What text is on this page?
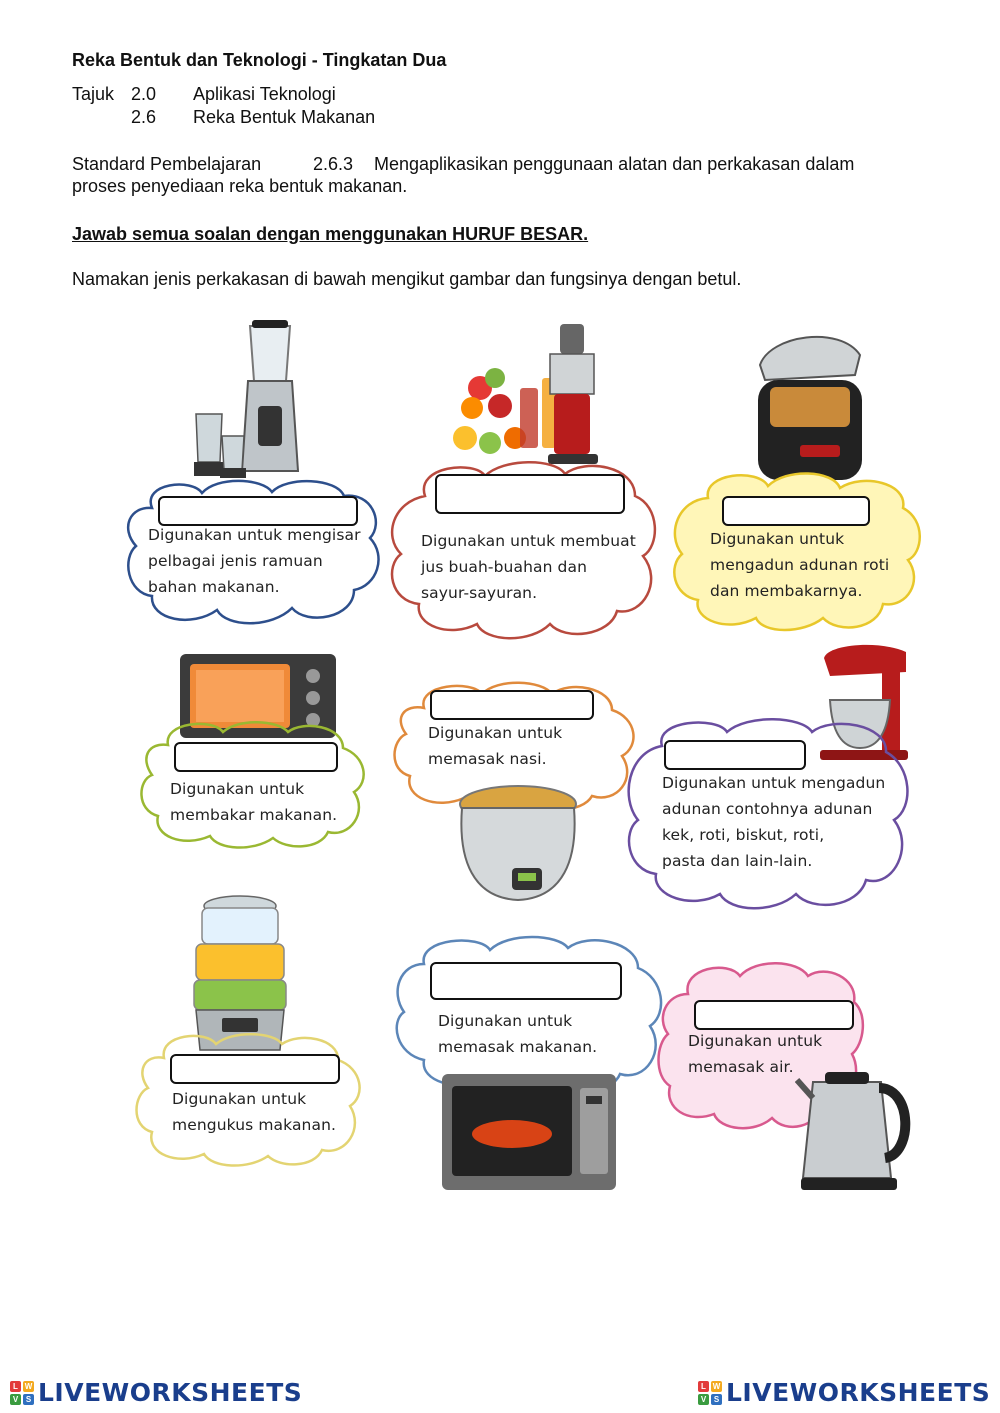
Reka Bentuk dan Teknologi - Tingkatan Dua
Tajuk 2.0 Aplikasi Teknologi
2.6 Reka Bentuk Makanan
Standard Pembelajaran	2.6.3 Mengaplikasikan penggunaan alatan dan perkakasan dalam
proses penyediaan reka bentuk makanan.
Jawab semua soalan dengan menggunakan HURUF BESAR.
Namakan jenis perkakasan di bawah mengikut gambar dan fungsinya dengan betul.
Digunakan untuk mengisar
pelbagai jenis ramuan
bahan makanan.
Digunakan untuk membuat
jus buah-buahan dan
sayur-sayuran.
Digunakan untuk
mengadun adunan roti
dan membakarnya.
Digunakan untuk
membakar makanan.
Digunakan untuk
memasak nasi.
Digunakan untuk mengadun
adunan contohnya adunan
kek, roti, biskut, roti,
pasta dan lain-lain.
Digunakan untuk
mengukus makanan.
Digunakan untuk
memasak makanan.	Digunakan untuk
memasak air.
L W
V S LIVEWORKSHEETS	L W
V S LIVEWORKSHEETS
